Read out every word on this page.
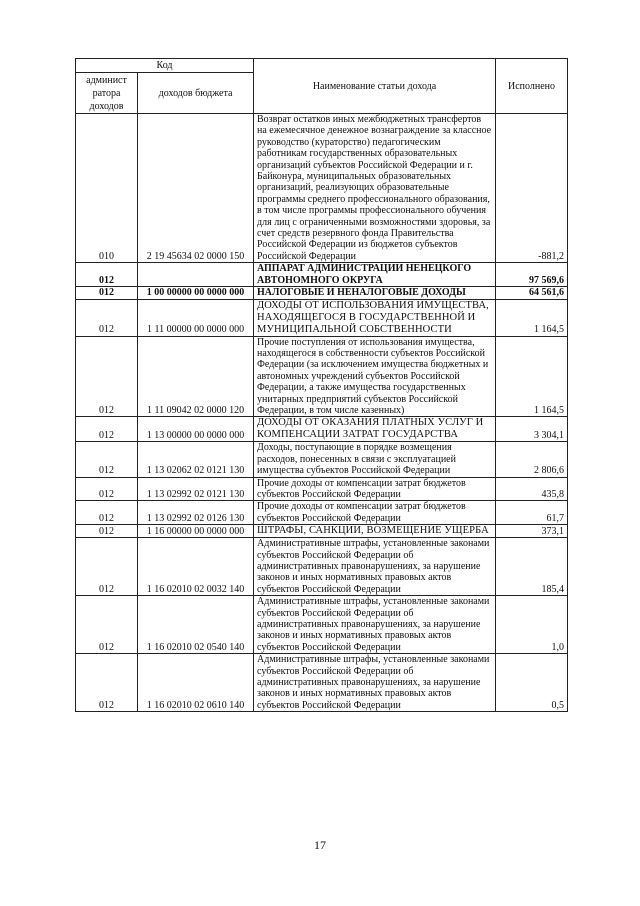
Код		Наименование статьи дохода	Исполнено
админист ратора доходов	доходов бюджета		
010	2 19 45634 02 0000 150	Возврат остатков иных межбюджетных трансфертов на ежемесячное денежное вознаграждение за классное руководство (кураторство) педагогическим работникам государственных образовательных организаций субъектов Российской Федерации и г. Байконура, муниципальных образовательных организаций, реализующих образовательные программы среднего профессионального образования, в том числе программы профессионального обучения для лиц с ограниченными возможностями здоровья, за счет средств резервного фонда Правительства Российской Федерации из бюджетов субъектов Российской Федерации	-881,2
012		АППАРАТ АДМИНИСТРАЦИИ НЕНЕЦКОГО АВТОНОМНОГО ОКРУГА	97 569,6
012	1 00 00000 00 0000 000	НАЛОГОВЫЕ И НЕНАЛОГОВЫЕ ДОХОДЫ	64 561,6
012	1 11 00000 00 0000 000	ДОХОДЫ ОТ ИСПОЛЬЗОВАНИЯ ИМУЩЕСТВА, НАХОДЯЩЕГОСЯ В ГОСУДАРСТВЕННОЙ И МУНИЦИПАЛЬНОЙ СОБСТВЕННОСТИ	1 164,5
012	1 11 09042 02 0000 120	Прочие поступления от использования имущества, находящегося в собственности субъектов Российской Федерации (за исключением имущества бюджетных и автономных учреждений субъектов Российской Федерации, а также имущества государственных унитарных предприятий субъектов Российской Федерации, в том числе казенных)	1 164,5
012	1 13 00000 00 0000 000	ДОХОДЫ ОТ ОКАЗАНИЯ ПЛАТНЫХ УСЛУГ И КОМПЕНСАЦИИ ЗАТРАТ ГОСУДАРСТВА	3 304,1
012	1 13 02062 02 0121 130	Доходы, поступающие в порядке возмещения расходов, понесенных в связи с эксплуатацией имущества субъектов Российской Федерации	2 806,6
012	1 13 02992 02 0121 130	Прочие доходы от компенсации затрат бюджетов субъектов Российской Федерации	435,8
012	1 13 02992 02 0126 130	Прочие доходы от компенсации затрат бюджетов субъектов Российской Федерации	61,7
012	1 16 00000 00 0000 000	ШТРАФЫ, САНКЦИИ, ВОЗМЕЩЕНИЕ УЩЕРБА	373,1
012	1 16 02010 02 0032 140	Административные штрафы, установленные законами субъектов Российской Федерации об административных правонарушениях, за нарушение законов и иных нормативных правовых актов субъектов Российской Федерации	185,4
012	1 16 02010 02 0540 140	Административные штрафы, установленные законами субъектов Российской Федерации об административных правонарушениях, за нарушение законов и иных нормативных правовых актов субъектов Российской Федерации	1,0
012	1 16 02010 02 0610 140	Административные штрафы, установленные законами субъектов Российской Федерации об административных правонарушениях, за нарушение законов и иных нормативных правовых актов субъектов Российской Федерации	0,5
17
